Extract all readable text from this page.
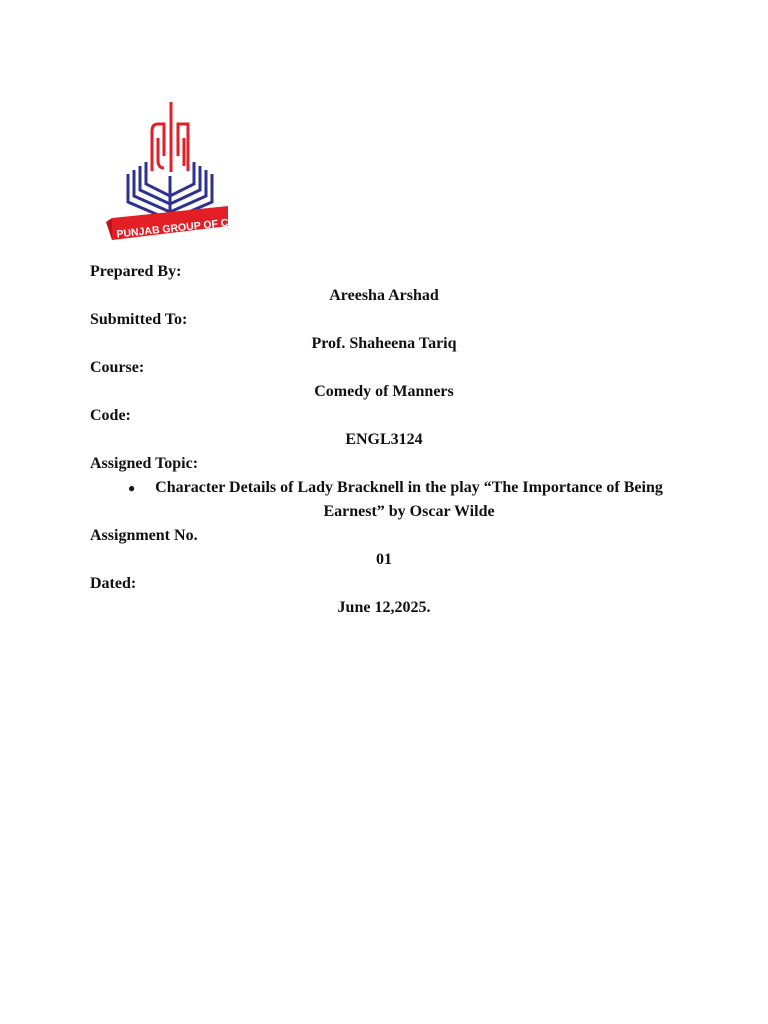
PUNJAB GROUP OF COLLEGES
Prepared By:
Areesha Arshad
Submitted To:
Prof. Shaheena Tariq
Course:
Comedy of Manners
Code:
ENGL3124
Assigned Topic:
●	Character Details of Lady Bracknell in the play “The Importance of Being Earnest” by Oscar Wilde
Assignment No.
01
Dated:
June 12,2025.
